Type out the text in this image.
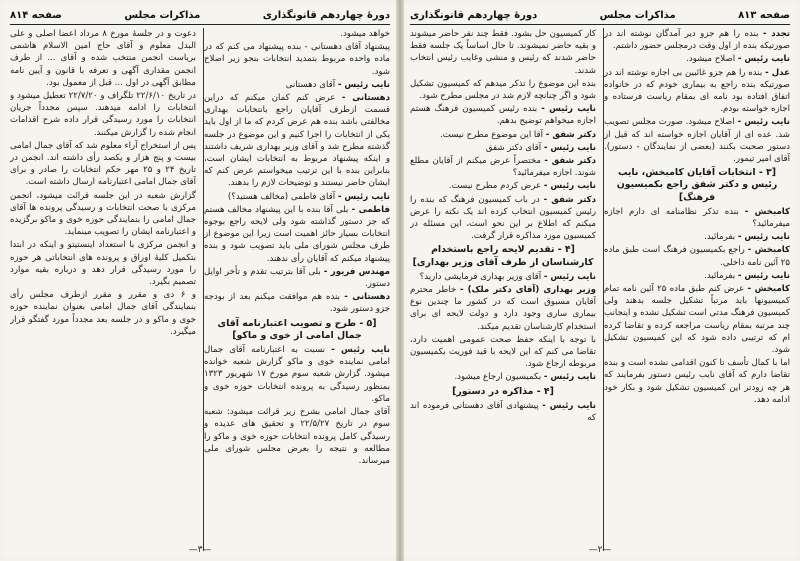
دورهٔ چهاردهم قانونگذاری
مذاکرات مجلس
صفحه ۸۱۴
خواهد میشود.
پیشنهاد آقای دهستانی - بنده پیشنهاد می کنم که در ماده واحده مربوط بتمدید انتخابات بنحو زیر اصلاح شود.
نایب رئیس - آقای دهستانی
دهستانی - عرض کنم کمان میکنم که دراین قسمت ازطرف آقایان راجع بانتخابات بهداری مخالفتی باشد بنده هم عرض کردم که ما از اول باید یکی از انتخابات را اجرا کنیم و این موضوع در جلسه گذشته مطرح شد و آقای وزیر بهداری شریف داشتند و اینکه پیشنهاد مربوط به انتخابات ایشان است، بنابراین بنده با این ترتیب میخواستم عرض کنم که ایشان حاضر نیستند و توضیحات لازم را بدهند.
نایب رئیس - آقای فاطمی (مخالف هستید؟)
فاطمی - بلی آقا بنده با این پیشنهاد مخالف هستم که جز دستور گذاشته شود ولی لایحه راجع بوجوه انتخابات بسیار حائز اهمیت است زیرا این موضوع از طرف مجلس شورای ملی باید تصویب شود و بنده پیشنهاد میکنم که آقایان رأی ندهند.
مهندس فریور - بلی آقا بترتیب تقدم و تأخر اوایل دستور.
دهستانی - بنده هم موافقت میکنم بعد از بودجه جزو دستور شود.
[۵ - طرح و تصویب اعتبارنامه آقای جمال امامی از خوی و ماکو]
نایب رئیس - نسبت به اعتبارنامه آقای جمال امامی نماینده خوی و ماکو گزارش شعبه خوانده میشود. گزارش شعبه سوم مورخ ۱۷ شهریور ۱۳۲۳ بمنظور رسیدگی به پرونده انتخابات حوزه خوی و ماکو.
آقای جمال امامی بشرح زیر قرائت میشود: شعبه سوم در تاریخ ۲۲/۵/۲۷ و تحقیق های عدیده و رسیدگی کامل پرونده انتخابات حوزه خوی و ماکو را مطالعه و نتیجه را بعرض مجلس شورای ملی میرساند.
دعوت و در جلسهٔ مورخ ۸ مرداد اعضا اصلی و علی البدل معلوم و آقای حاج امین الاسلام هاشمی بریاست انجمن منتخب شده و آقای ... از طرف انجمن مقداری آگهی و تعرفه با قانون و آیین نامه مطابق آگهی در اول ... قبل از معمول بود.
در تاریخ ۲۲/۶/۱۰ تلگراف و ۲۲/۷/۲۰ تعطیل میشود و انتخابات را ادامه میدهند. سپس مجدداً جریان انتخابات را مورد رسیدگی قرار داده شرح اقدامات انجام شده را گزارش میکنند.
پس از استخراج آراء معلوم شد که آقای جمال امامی بیست و پنج هزار و یکصد رأی داشته اند. انجمن در تاریخ ۲۴ و ۲۵ مهر حکم انتخابات را صادر و برای آقای جمال امامی اعتبارنامه ارسال داشته است.
گزارش شعبه در این جلسه قرائت میشود، انجمن مرکزی با صحت انتخابات و رسیدگی پرونده ها آقای جمال امامی را بنمایندگی حوزه خوی و ماکو برگزیده و اعتبارنامه ایشان را تصویب مینماید.
و انجمن مرکزی با استعداد اینستیتو و اینکه در ابتدا بتکمیل کلیهٔ اوراق و پرونده های انتخاباتی هر حوزه را مورد رسیدگی قرار دهد و درباره بقیه موارد تصمیم بگیرد.
و ۶ دی و مقرر و مقرر ازطرف مجلس رأی بنمایندگی آقای جمال امامی بعنوان نماینده حوزه خوی و ماکو و در جلسه بعد مجدداً مورد گفتگو قرار میگیرد.
—۳—
صفحه ۸۱۳
مذاکرات مجلس
دورهٔ چهاردهم قانونگذاری
تجدد - بنده را هم جزو دیر آمدگان نوشته اند در صورتیکه بنده از اول وقت درمجلس حضور داشتم.
نایب رئیس - اصلاح میشود.
عدل - بنده را هم جزو غائبین بی اجازه نوشته اند در صورتیکه بنده راجع به بیماری خودم که در خانواده اتفاق افتاده بود نامه ای بمقام ریاست فرستاده و اجازه خواسته بودم.
نایب رئیس - اصلاح میشود. صورت مجلس تصویب شد. عده ای از آقایان اجازه خواسته اند که قبل از دستور صحبت بکنند (بعضی از نمایندگان - دستور). آقای امیر تیمور.
[۳ - انتخابات آقایان کامبخش، نایب رئیس و دکتر شفق راجع بکمیسیون فرهنگ]
کامبخش - بنده تذکر نظامنامه ای دارم اجازه میفرمائید؟
نایب رئیس - بفرمائید.
کامبخش - راجع بکمیسیون فرهنگ است طبق ماده ۲۵ آئین نامه داخلی.
نایب رئیس - بفرمائید.
کامبخش - عرض کنم طبق ماده ۲۵ آئین نامه تمام کمیسیونها باید مرتباً تشکیل جلسه بدهند ولی کمیسیون فرهنگ مدتی است تشکیل نشده و اینجانب چند مرتبه بمقام ریاست مراجعه کرده و تقاضا کرده ام که ترتیبی داده شود که این کمیسیون تشکیل شود.
اما با کمال تأسف تا کنون اقدامی نشده است و بنده تقاضا دارم که آقای نایب رئیس دستور بفرمایند که هر چه زودتر این کمیسیون تشکیل شود و بکار خود ادامه دهد.
کار کمیسیون حل بشود. فقط چند نفر حاضر میشوند و بقیه حاضر نمیشوند. تا حال اساساً یک جلسه فقط حاضر شدند که رئیس و منشی وغایب رئیس انتخاب شدند.
بنده این موضوع را تذکر میدهم که کمیسیون تشکیل شود و اگر چنانچه لازم شد در مجلس مطرح شود.
نایب رئیس - بنده رئیس کمیسیون فرهنگ هستم اجازه میخواهم توضیح بدهم.
دکتر شفق - آقا این موضوع مطرح نیست.
نایب رئیس - آقای دکتر شفق
دکتر شفق - مختصراً عرض میکنم از آقایان مطلع شوند. اجازه میفرمائید؟
نایب رئیس - عرض کردم مطرح نیست.
دکتر شفق - در باب کمیسیون فرهنگ که بنده را رئیس کمیسیون انتخاب کرده اند یک نکته را عرض میکنم که اطلاع بر این نحو است، این مسئله در کمیسیون مورد مذاکره قرار گرفت.
[۴ - تقدیم لایحه راجع باستخدام کارشناسان از طرف آقای وزیر بهداری]
نایب رئیس - آقای وزیر بهداری فرمایشی دارید؟
وزیر بهداری (آقای دکتر ملک) - خاطر محترم آقایان مسبوق است که در کشور ما چندین نوع بیماری ساری وجود دارد و دولت لایحه ای برای استخدام کارشناسان تقدیم میکند.
با توجه با اینکه حفظ صحت عمومی اهمیت دارد، تقاضا می کنم که این لایحه با قید فوریت بکمیسیون مربوطه ارجاع شود.
نایب رئیس - بکمیسیون ارجاع میشود.
[۴ - مذاکره در دستور]
نایب رئیس - پیشنهادی آقای دهستانی فرموده اند که
—۲—
